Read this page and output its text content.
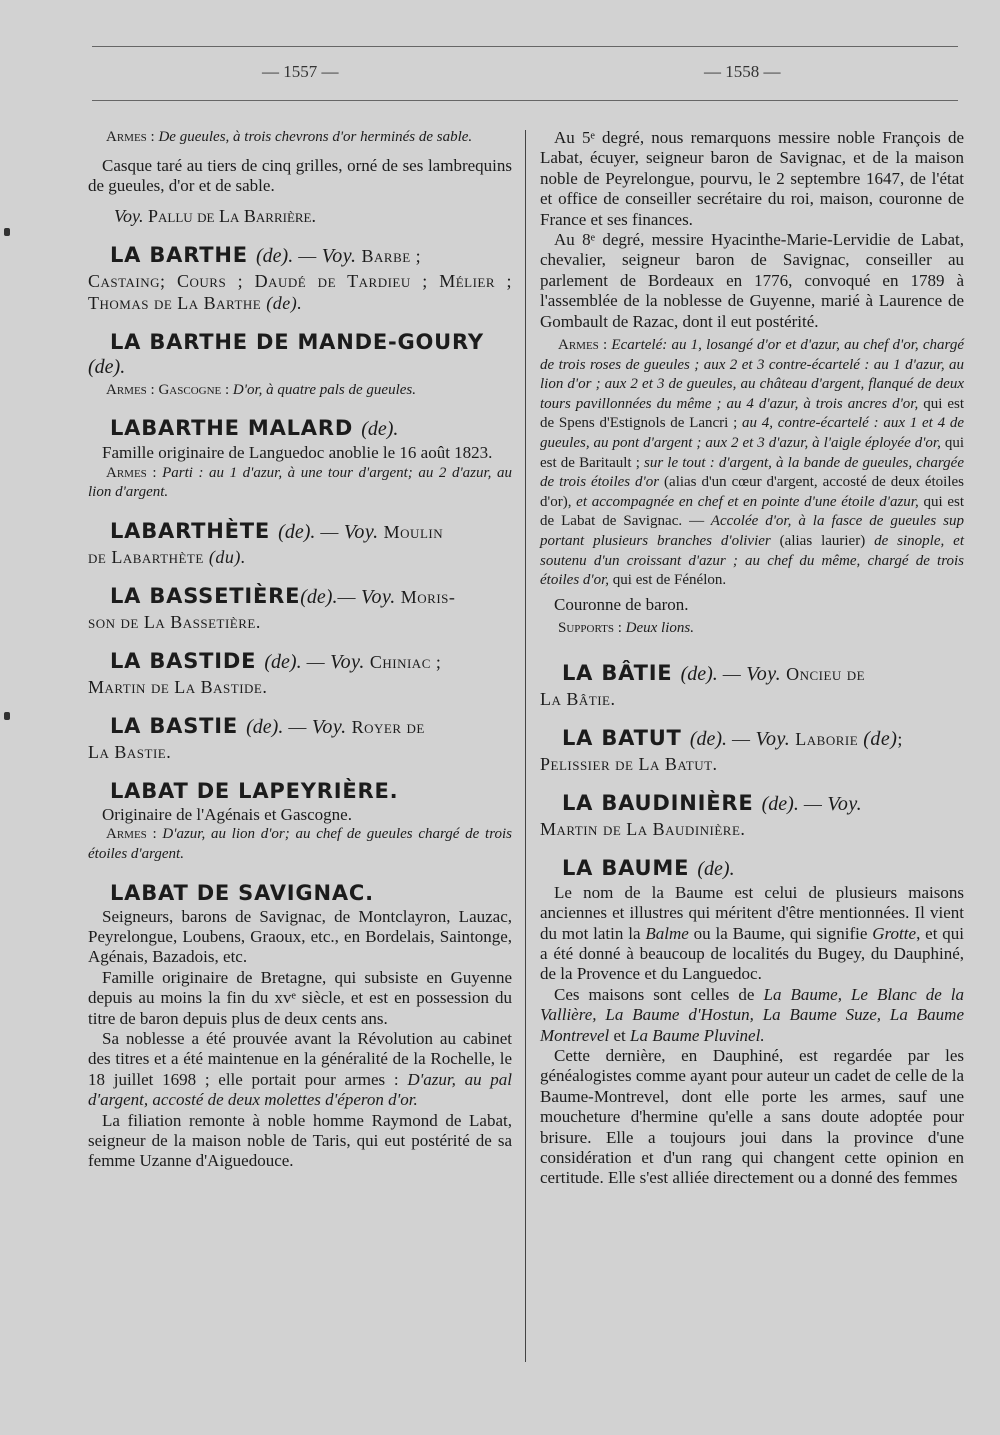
— 1557 —	— 1558 —

Armes : De gueules, à trois chevrons d'or herminés de sable.

Casque taré au tiers de cinq grilles, orné de ses lambrequins de gueules, d'or et de sable.

Voy. Pallu de La Barrière.

LA BARTHE (de). — Voy. Barbe ;

Castaing; Cours ; Daudé de Tardieu ; Mélier ; Thomas de La Barthe (de).

LA BARTHE DE MANDE-GOURY (de).

Armes : Gascogne : D'or, à quatre pals de gueules.

LABARTHE MALARD (de).

Famille originaire de Languedoc anoblie le 16 août 1823.

Armes : Parti : au 1 d'azur, à une tour d'argent; au 2 d'azur, au lion d'argent.

LABARTHÈTE (de). — Voy. Moulin

de Labarthète (du).

LA BASSETIÈRE(de).— Voy. Moris-

son de La Bassetière.

LA BASTIDE (de). — Voy. Chiniac ;

Martin de La Bastide.

LA BASTIE (de). — Voy. Royer de

La Bastie.

LABAT DE LAPEYRIÈRE.

Originaire de l'Agénais et Gascogne.

Armes : D'azur, au lion d'or; au chef de gueules chargé de trois étoiles d'argent.

LABAT DE SAVIGNAC.

Seigneurs, barons de Savignac, de Montclayron, Lauzac, Peyrelongue, Loubens, Graoux, etc., en Bordelais, Saintonge, Agénais, Bazadois, etc.

Famille originaire de Bretagne, qui subsiste en Guyenne depuis au moins la fin du xvᵉ siècle, et est en possession du titre de baron depuis plus de deux cents ans.

Sa noblesse a été prouvée avant la Révolution au cabinet des titres et a été maintenue en la généralité de la Rochelle, le 18 juillet 1698 ; elle portait pour armes : D'azur, au pal d'argent, accosté de deux molettes d'éperon d'or.

La filiation remonte à noble homme Raymond de Labat, seigneur de la maison noble de Taris, qui eut postérité de sa femme Uzanne d'Aiguedouce.

Au 5ᵉ degré, nous remarquons messire noble François de Labat, écuyer, seigneur baron de Savignac, et de la maison noble de Peyrelongue, pourvu, le 2 septembre 1647, de l'état et office de conseiller secrétaire du roi, maison, couronne de France et ses finances.

Au 8ᵉ degré, messire Hyacinthe-Marie-Lervidie de Labat, chevalier, seigneur baron de Savignac, conseiller au parlement de Bordeaux en 1776, convoqué en 1789 à l'assemblée de la noblesse de Guyenne, marié à Laurence de Gombault de Razac, dont il eut postérité.

Armes : Ecartelé: au 1, losangé d'or et d'azur, au chef d'or, chargé de trois roses de gueules ; aux 2 et 3 contre-écartelé : au 1 d'azur, au lion d'or ; aux 2 et 3 de gueules, au château d'argent, flanqué de deux tours pavillonnées du même ; au 4 d'azur, à trois ancres d'or, qui est de Spens d'Estignols de Lancri ; au 4, contre-écartelé : aux 1 et 4 de gueules, au pont d'argent ; aux 2 et 3 d'azur, à l'aigle éployée d'or, qui est de Baritault ; sur le tout : d'argent, à la bande de gueules, chargée de trois étoiles d'or (alias d'un cœur d'argent, accosté de deux étoiles d'or), et accompagnée en chef et en pointe d'une étoile d'azur, qui est de Labat de Savignac. — Accolée d'or, à la fasce de gueules sup portant plusieurs branches d'olivier (alias laurier) de sinople, et soutenu d'un croissant d'azur ; au chef du même, chargé de trois étoiles d'or, qui est de Fénélon.

Couronne de baron.

Supports : Deux lions.

LA BÂTIE (de). — Voy. Oncieu de

La Bâtie.

LA BATUT (de). — Voy. Laborie (de);

Pelissier de La Batut.

LA BAUDINIÈRE (de). — Voy.

Martin de La Baudinière.

LA BAUME (de).

Le nom de la Baume est celui de plusieurs maisons anciennes et illustres qui méritent d'être mentionnées. Il vient du mot latin la Balme ou la Baume, qui signifie Grotte, et qui a été donné à beaucoup de localités du Bugey, du Dauphiné, de la Provence et du Languedoc.

Ces maisons sont celles de La Baume, Le Blanc de la Vallière, La Baume d'Hostun, La Baume Suze, La Baume Montrevel et La Baume Pluvinel.

Cette dernière, en Dauphiné, est regardée par les généalogistes comme ayant pour auteur un cadet de celle de la Baume-Montrevel, dont elle porte les armes, sauf une moucheture d'hermine qu'elle a sans doute adoptée pour brisure. Elle a toujours joui dans la province d'une considération et d'un rang qui changent cette opinion en certitude. Elle s'est alliée directement ou a donné des femmes
